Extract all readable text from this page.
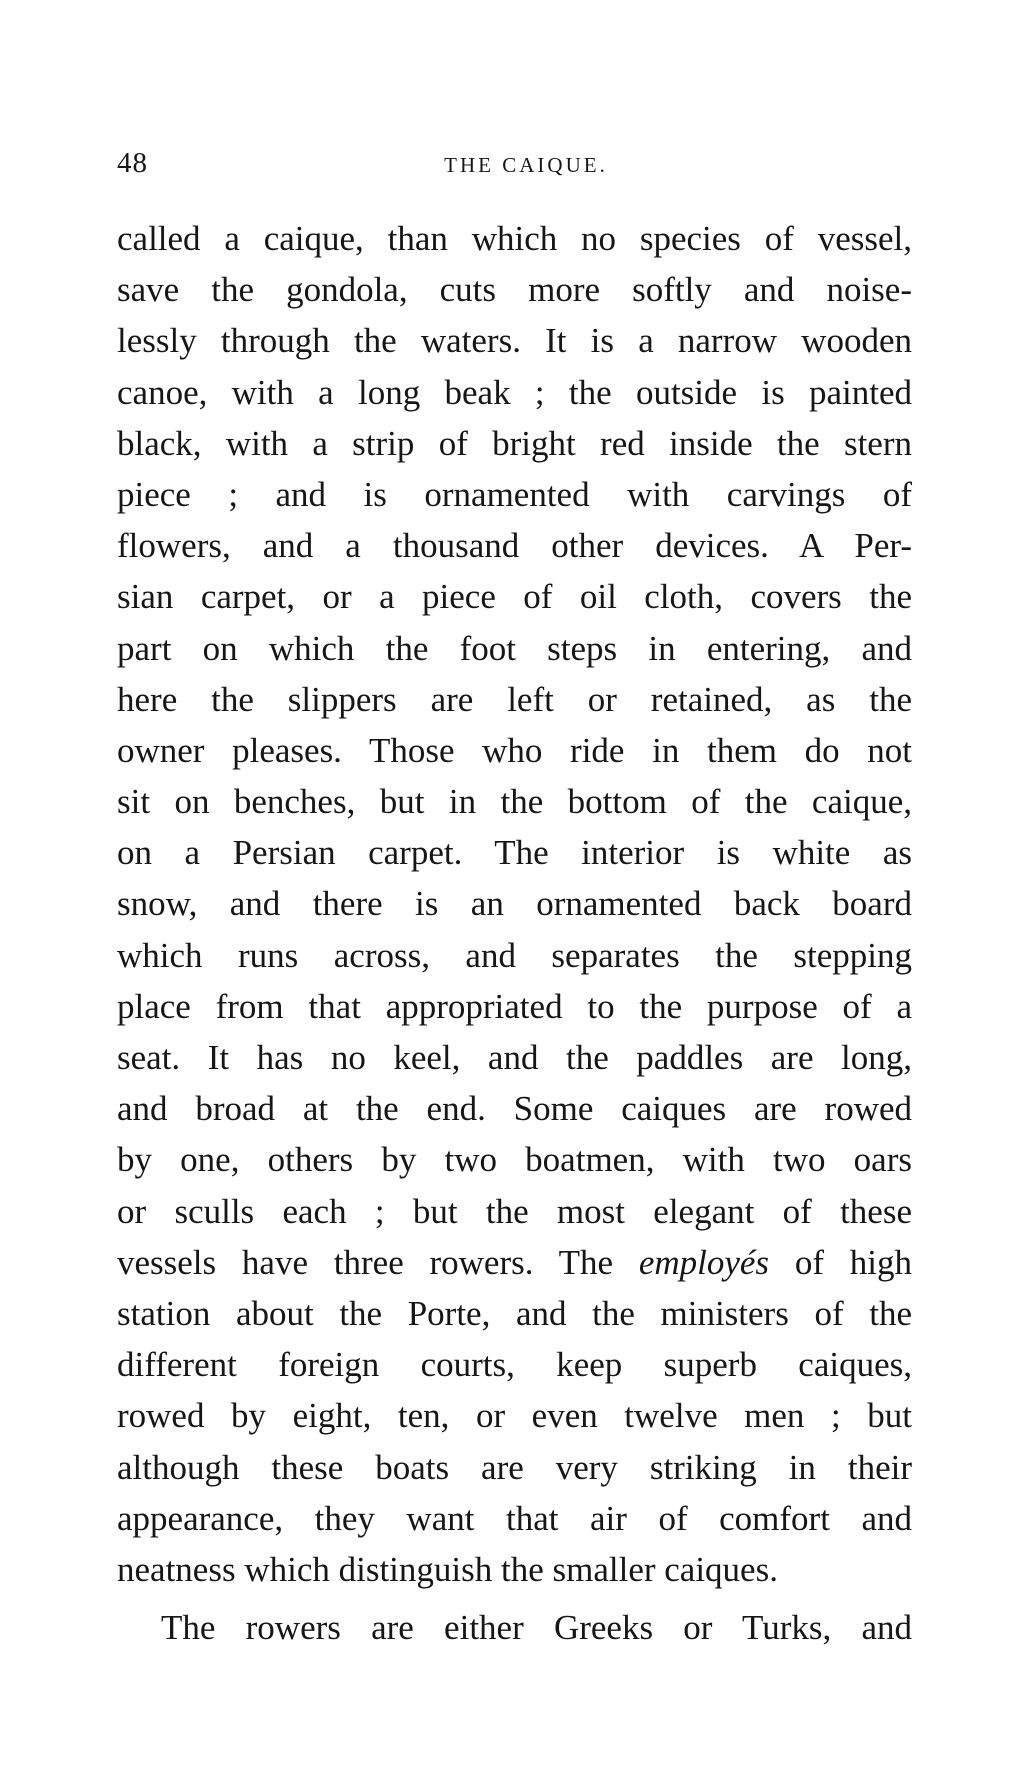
48	THE CAIQUE.
called a caique, than which no species of vessel,
save the gondola, cuts more softly and noise-
lessly through the waters. It is a narrow wooden
canoe, with a long beak ; the outside is painted
black, with a strip of bright red inside the stern
piece ; and is ornamented with carvings of
flowers, and a thousand other devices. A Per-
sian carpet, or a piece of oil cloth, covers the
part on which the foot steps in entering, and
here the slippers are left or retained, as the
owner pleases. Those who ride in them do not
sit on benches, but in the bottom of the caique,
on a Persian carpet. The interior is white as
snow, and there is an ornamented back board
which runs across, and separates the stepping
place from that appropriated to the purpose of a
seat. It has no keel, and the paddles are long,
and broad at the end. Some caiques are rowed
by one, others by two boatmen, with two oars
or sculls each ; but the most elegant of these
vessels have three rowers. The employés of high
station about the Porte, and the ministers of the
different foreign courts, keep superb caiques,
rowed by eight, ten, or even twelve men ; but
although these boats are very striking in their
appearance, they want that air of comfort and
neatness which distinguish the smaller caiques.
The rowers are either Greeks or Turks, and
